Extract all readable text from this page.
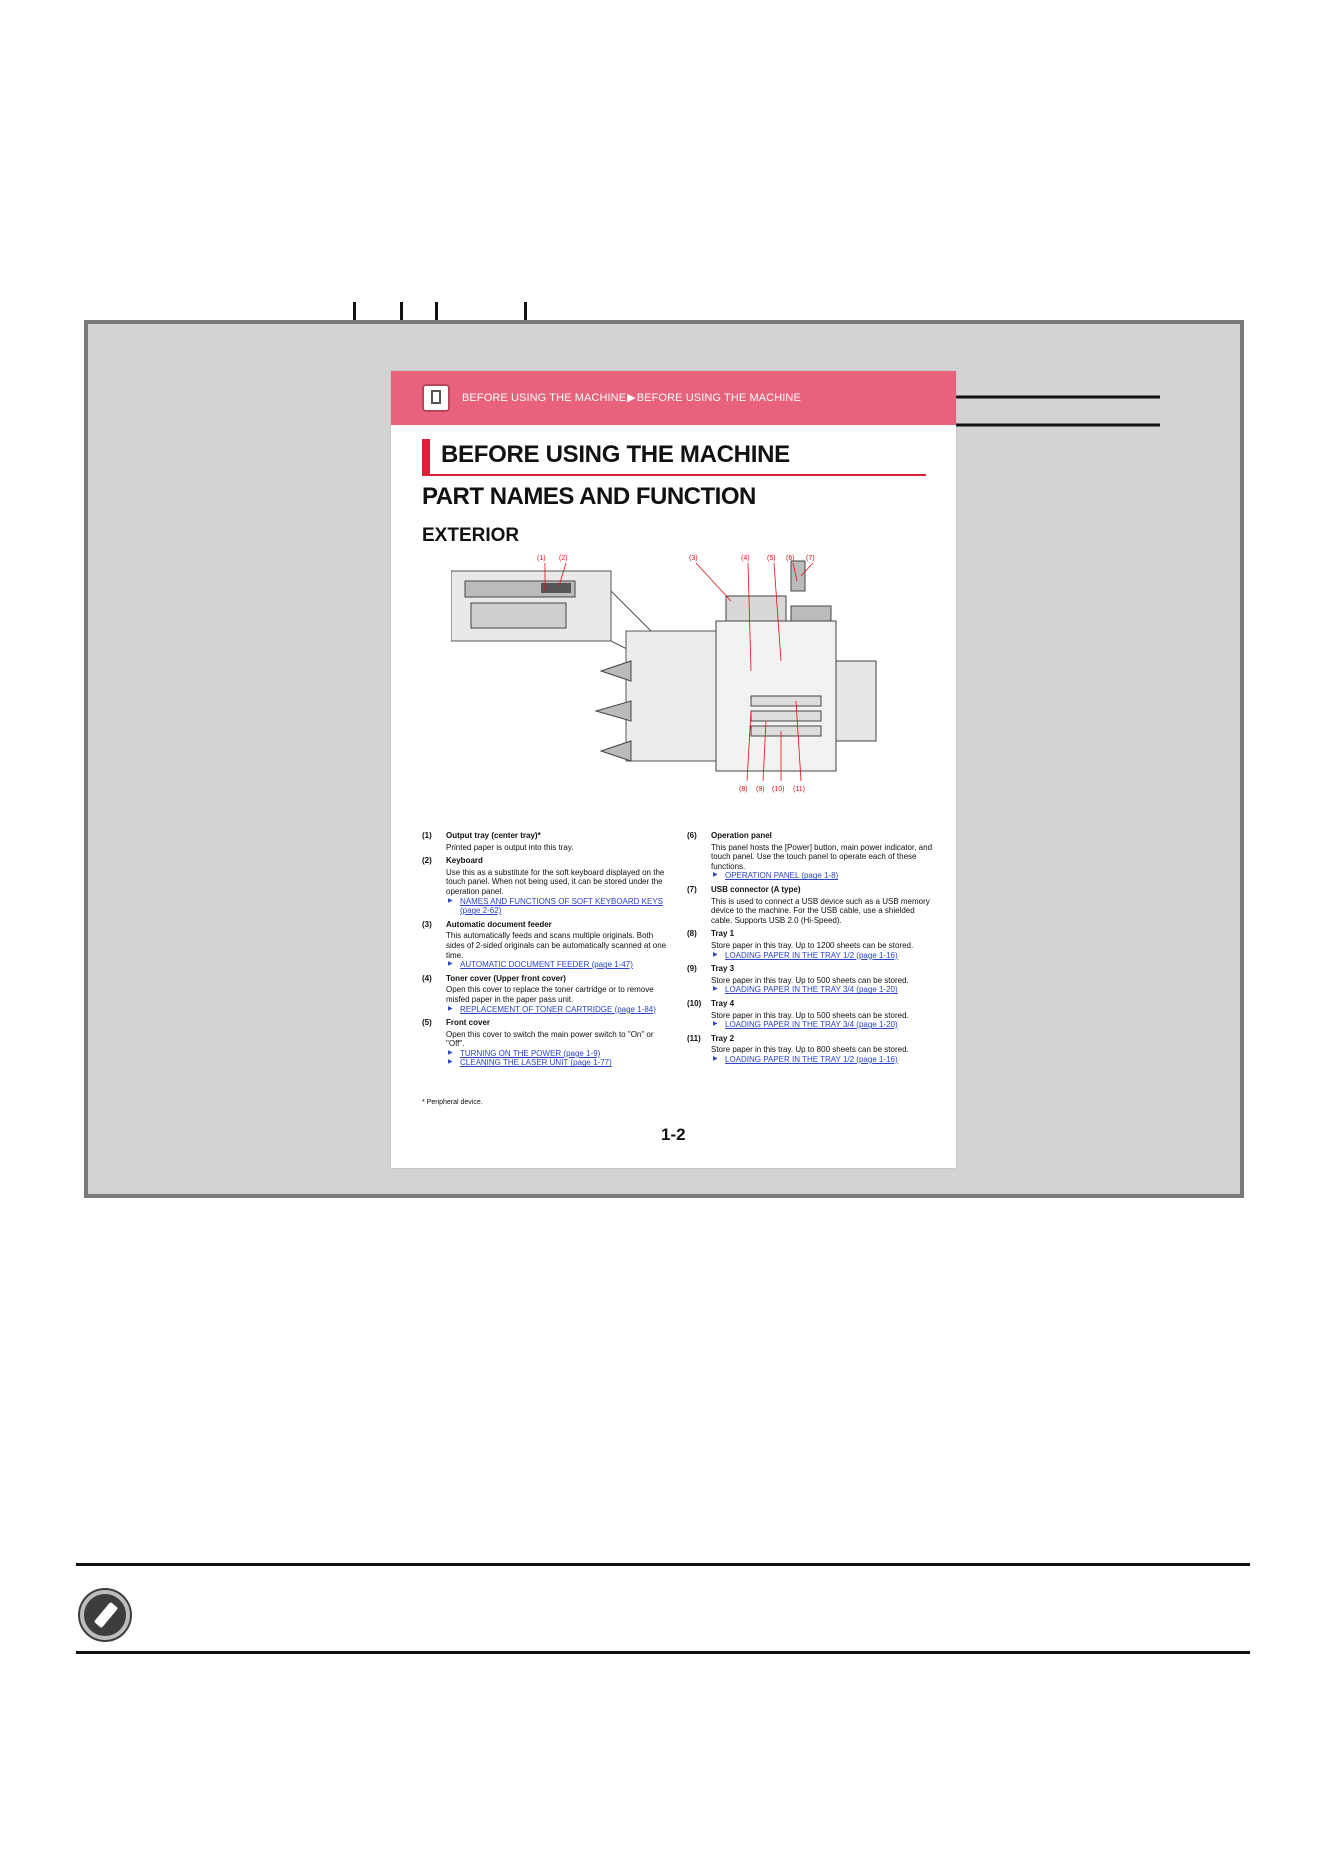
BEFORE USING THE MACHINE▶BEFORE USING THE MACHINE
BEFORE USING THE MACHINE
PART NAMES AND FUNCTION
EXTERIOR
(1) (2)	(3)	(4) (5) (6) (7)
(8) (9) (10) (11)
(1)	Output tray (center tray)*
Printed paper is output into this tray.
(2)	Keyboard
Use this as a substitute for the soft keyboard displayed on the touch panel. When not being used, it can be stored under the operation panel.
▶ NAMES AND FUNCTIONS OF SOFT KEYBOARD KEYS (page 2-62)
(3)	Automatic document feeder
This automatically feeds and scans multiple originals. Both sides of 2-sided originals can be automatically scanned at one time.
▶ AUTOMATIC DOCUMENT FEEDER (page 1-47)
(4)	Toner cover (Upper front cover)
Open this cover to replace the toner cartridge or to remove misfed paper in the paper pass unit.
▶ REPLACEMENT OF TONER CARTRIDGE (page 1-84)
(5)	Front cover
Open this cover to switch the main power switch to "On" or "Off".
▶ TURNING ON THE POWER (page 1-9)
▶ CLEANING THE LASER UNIT (page 1-77)
(6)	Operation panel
This panel hosts the [Power] button, main power indicator, and touch panel. Use the touch panel to operate each of these functions.
▶ OPERATION PANEL (page 1-8)
(7)	USB connector (A type)
This is used to connect a USB device such as a USB memory device to the machine. For the USB cable, use a shielded cable. Supports USB 2.0 (Hi-Speed).
(8)	Tray 1
Store paper in this tray. Up to 1200 sheets can be stored.
▶ LOADING PAPER IN THE TRAY 1/2 (page 1-16)
(9)	Tray 3
Store paper in this tray. Up to 500 sheets can be stored.
▶ LOADING PAPER IN THE TRAY 3/4 (page 1-20)
(10)	Tray 4
Store paper in this tray. Up to 500 sheets can be stored.
▶ LOADING PAPER IN THE TRAY 3/4 (page 1-20)
(11)	Tray 2
Store paper in this tray. Up to 800 sheets can be stored.
▶ LOADING PAPER IN THE TRAY 1/2 (page 1-16)
* Peripheral device.
1-2
